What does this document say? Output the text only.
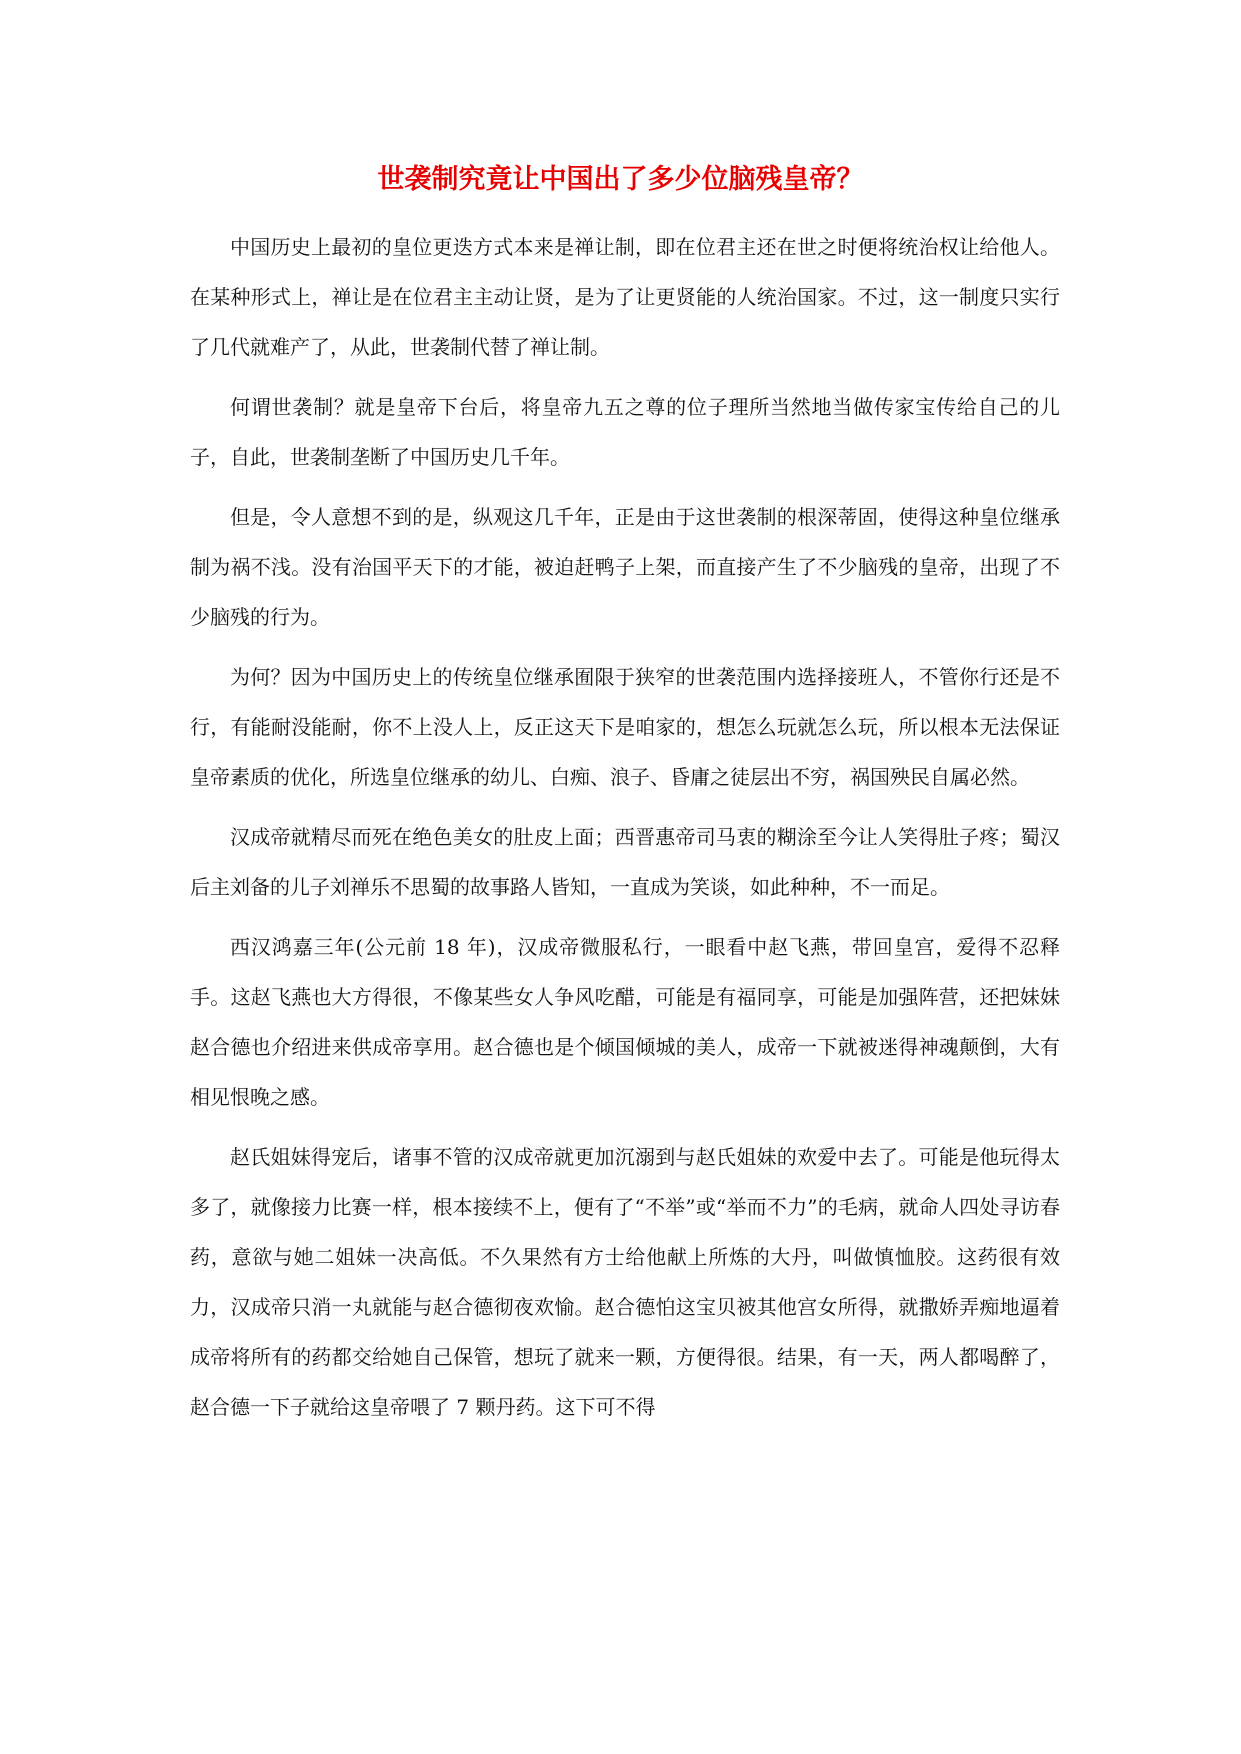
世袭制究竟让中国出了多少位脑残皇帝？

中国历史上最初的皇位更迭方式本来是禅让制，即在位君主还在世之时便将统治权让给他人。在某种形式上，禅让是在位君主主动让贤，是为了让更贤能的人统治国家。不过，这一制度只实行了几代就难产了，从此，世袭制代替了禅让制。

何谓世袭制？就是皇帝下台后，将皇帝九五之尊的位子理所当然地当做传家宝传给自己的儿子，自此，世袭制垄断了中国历史几千年。

但是，令人意想不到的是，纵观这几千年，正是由于这世袭制的根深蒂固，使得这种皇位继承制为祸不浅。没有治国平天下的才能，被迫赶鸭子上架，而直接产生了不少脑残的皇帝，出现了不少脑残的行为。

为何？因为中国历史上的传统皇位继承囿限于狭窄的世袭范围内选择接班人，不管你行还是不行，有能耐没能耐，你不上没人上，反正这天下是咱家的，想怎么玩就怎么玩，所以根本无法保证皇帝素质的优化，所选皇位继承的幼儿、白痴、浪子、昏庸之徒层出不穷，祸国殃民自属必然。

汉成帝就精尽而死在绝色美女的肚皮上面；西晋惠帝司马衷的糊涂至今让人笑得肚子疼；蜀汉后主刘备的儿子刘禅乐不思蜀的故事路人皆知，一直成为笑谈，如此种种，不一而足。

西汉鸿嘉三年(公元前 18 年)，汉成帝微服私行，一眼看中赵飞燕，带回皇宫，爱得不忍释手。这赵飞燕也大方得很，不像某些女人争风吃醋，可能是有福同享，可能是加强阵营，还把妹妹赵合德也介绍进来供成帝享用。赵合德也是个倾国倾城的美人，成帝一下就被迷得神魂颠倒，大有相见恨晚之感。

赵氏姐妹得宠后，诸事不管的汉成帝就更加沉溺到与赵氏姐妹的欢爱中去了。可能是他玩得太多了，就像接力比赛一样，根本接续不上，便有了“不举”或“举而不力”的毛病，就命人四处寻访春药，意欲与她二姐妹一决高低。不久果然有方士给他献上所炼的大丹，叫做慎恤胶。这药很有效力，汉成帝只消一丸就能与赵合德彻夜欢愉。赵合德怕这宝贝被其他宫女所得，就撒娇弄痴地逼着成帝将所有的药都交给她自己保管，想玩了就来一颗，方便得很。结果，有一天，两人都喝醉了，赵合德一下子就给这皇帝喂了 7 颗丹药。这下可不得
